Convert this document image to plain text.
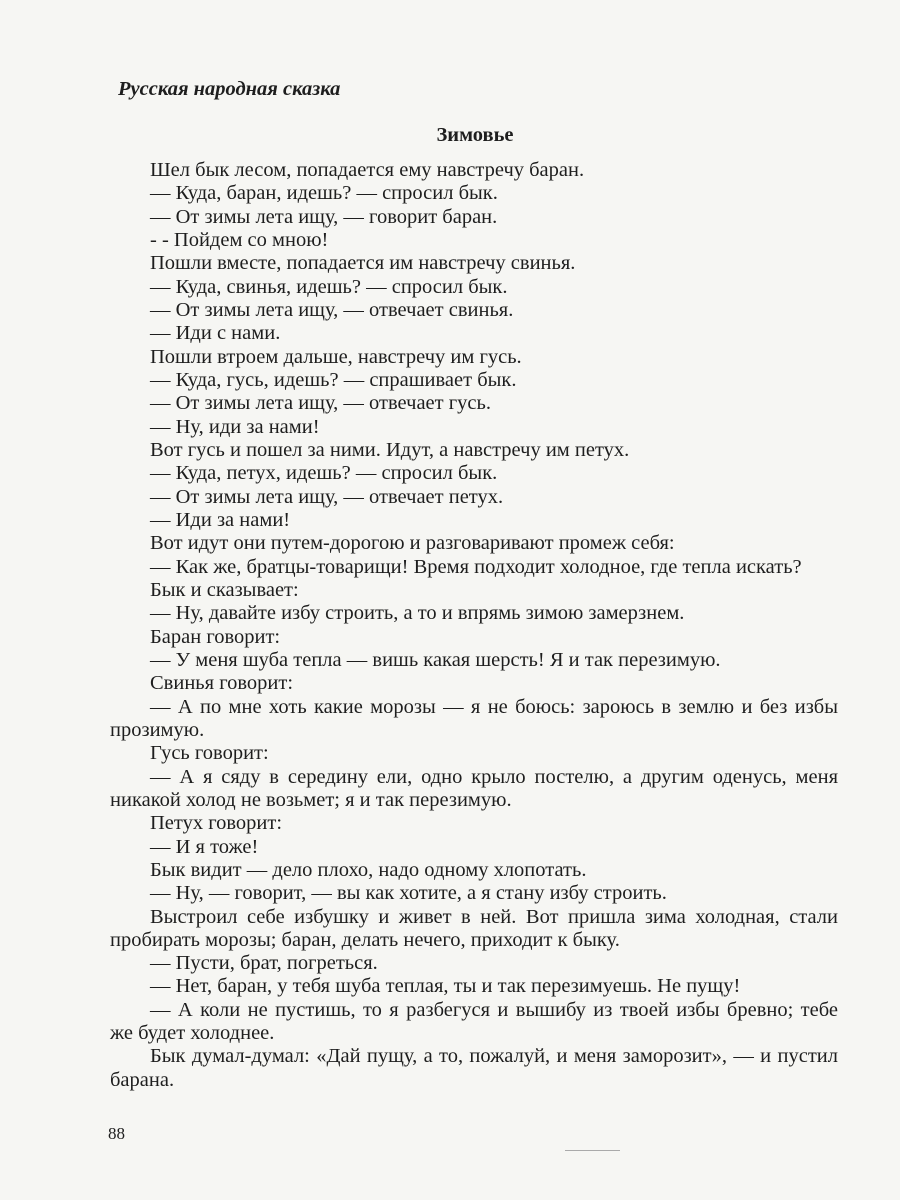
Русская народная сказка
Зимовье
Шел бык лесом, попадается ему навстречу баран.
— Куда, баран, идешь? — спросил бык.
— От зимы лета ищу, — говорит баран.
- - Пойдем со мною!
Пошли вместе, попадается им навстречу свинья.
— Куда, свинья, идешь? — спросил бык.
— От зимы лета ищу, — отвечает свинья.
— Иди с нами.
Пошли втроем дальше, навстречу им гусь.
— Куда, гусь, идешь? — спрашивает бык.
— От зимы лета ищу, — отвечает гусь.
— Ну, иди за нами!
Вот гусь и пошел за ними. Идут, а навстречу им петух.
— Куда, петух, идешь? — спросил бык.
— От зимы лета ищу, — отвечает петух.
— Иди за нами!
Вот идут они путем-дорогою и разговаривают промеж себя:
— Как же, братцы-товарищи! Время подходит холодное, где тепла искать?
Бык и сказывает:
— Ну, давайте избу строить, а то и впрямь зимою замерзнем.
Баран говорит:
— У меня шуба тепла — вишь какая шерсть! Я и так перезимую.
Свинья говорит:
— А по мне хоть какие морозы — я не боюсь: зароюсь в землю и без избы
прозимую.
Гусь говорит:
— А я сяду в середину ели, одно крыло постелю, а другим оденусь, меня
никакой холод не возьмет; я и так перезимую.
Петух говорит:
— И я тоже!
Бык видит — дело плохо, надо одному хлопотать.
— Ну, — говорит, — вы как хотите, а я стану избу строить.
Выстроил себе избушку и живет в ней. Вот пришла зима холодная, стали
пробирать морозы; баран, делать нечего, приходит к быку.
— Пусти, брат, погреться.
— Нет, баран, у тебя шуба теплая, ты и так перезимуешь. Не пущу!
— А коли не пустишь, то я разбегуся и вышибу из твоей избы бревно; тебе
же будет холоднее.
Бык думал-думал: «Дай пущу, а то, пожалуй, и меня заморозит», — и пустил
барана.
88
